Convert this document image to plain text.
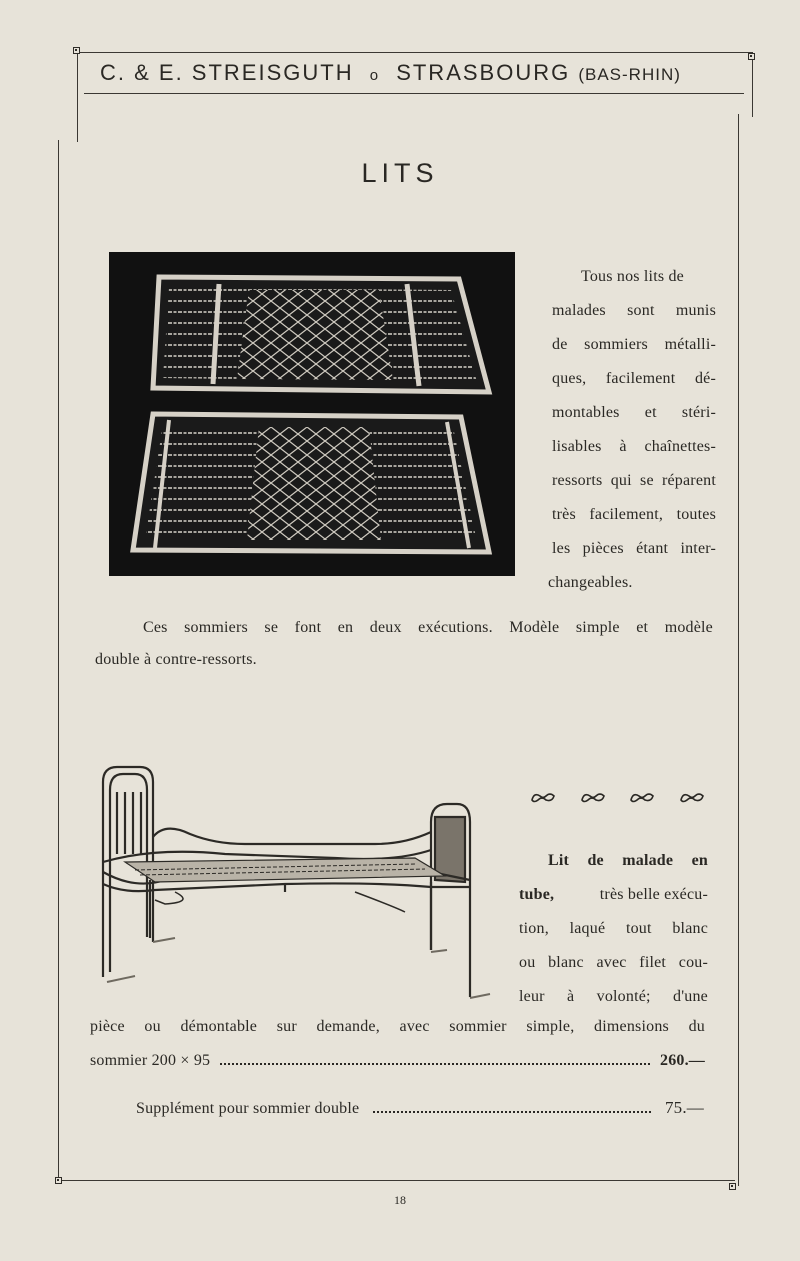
C. & E. STREISGUTH o STRASBOURG (BAS-RHIN)
LITS
Tous nos lits de
malades sont munis
de sommiers métalli-
ques, facilement dé-
montables et stéri-
lisables à chaînettes-
ressorts qui se réparent
très facilement, toutes
les pièces étant inter-
changeables.
Ces sommiers se font en deux exécutions. Modèle simple et modèle
double à contre-ressorts.
Lit de malade en
tube,	très belle exécu-
tion, laqué tout blanc
ou blanc avec filet cou-
leur à volonté; d'une
pièce ou démontable sur demande, avec sommier simple, dimensions du
sommier 200 × 95	260.—
Supplément pour sommier double	75.—
18
